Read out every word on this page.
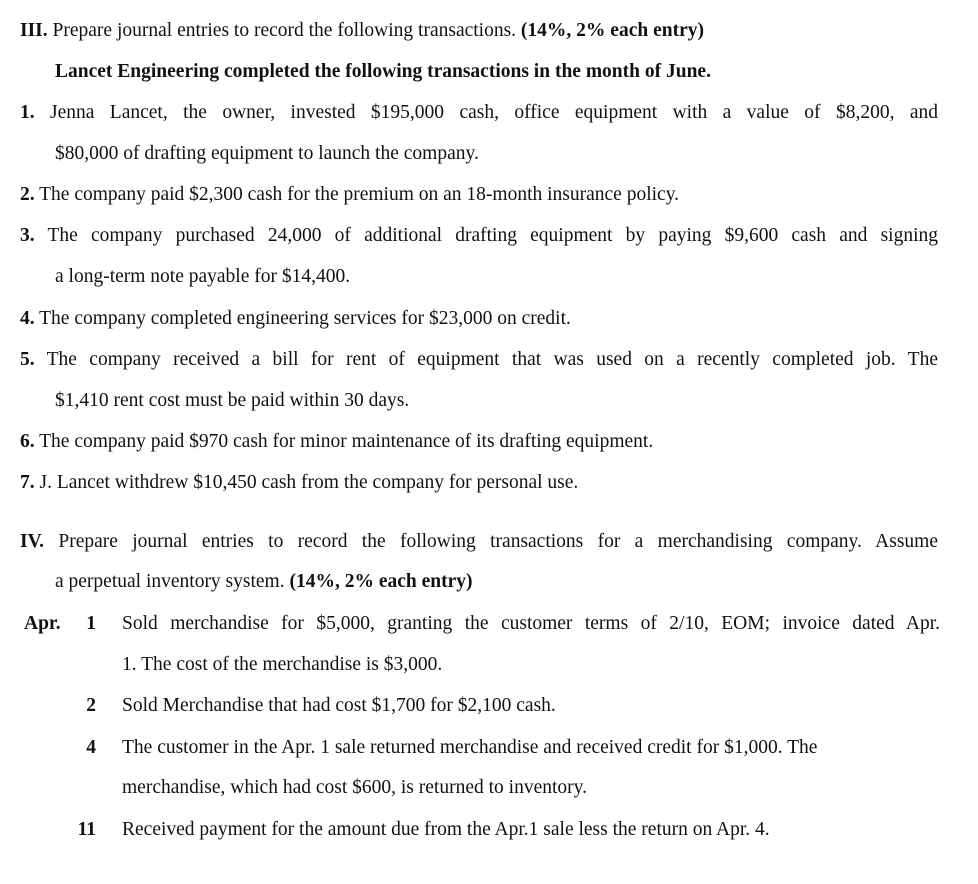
III. Prepare journal entries to record the following transactions. (14%, 2% each entry)
Lancet Engineering completed the following transactions in the month of June.
1. Jenna Lancet, the owner, invested $195,000 cash, office equipment with a value of $8,200, and
$80,000 of drafting equipment to launch the company.
2. The company paid $2,300 cash for the premium on an 18-month insurance policy.
3. The company purchased 24,000 of additional drafting equipment by paying $9,600 cash and signing
a long-term note payable for $14,400.
4. The company completed engineering services for $23,000 on credit.
5. The company received a bill for rent of equipment that was used on a recently completed job. The
$1,410 rent cost must be paid within 30 days.
6. The company paid $970 cash for minor maintenance of its drafting equipment.
7. J. Lancet withdrew $10,450 cash from the company for personal use.
IV. Prepare journal entries to record the following transactions for a merchandising company. Assume
a perpetual inventory system. (14%, 2% each entry)
Apr.	1 Sold merchandise for $5,000, granting the customer terms of 2/10, EOM; invoice dated Apr.
1. The cost of the merchandise is $3,000.
2 Sold Merchandise that had cost $1,700 for $2,100 cash.
4 The customer in the Apr. 1 sale returned merchandise and received credit for $1,000. The
merchandise, which had cost $600, is returned to inventory.
11 Received payment for the amount due from the Apr.1 sale less the return on Apr. 4.
